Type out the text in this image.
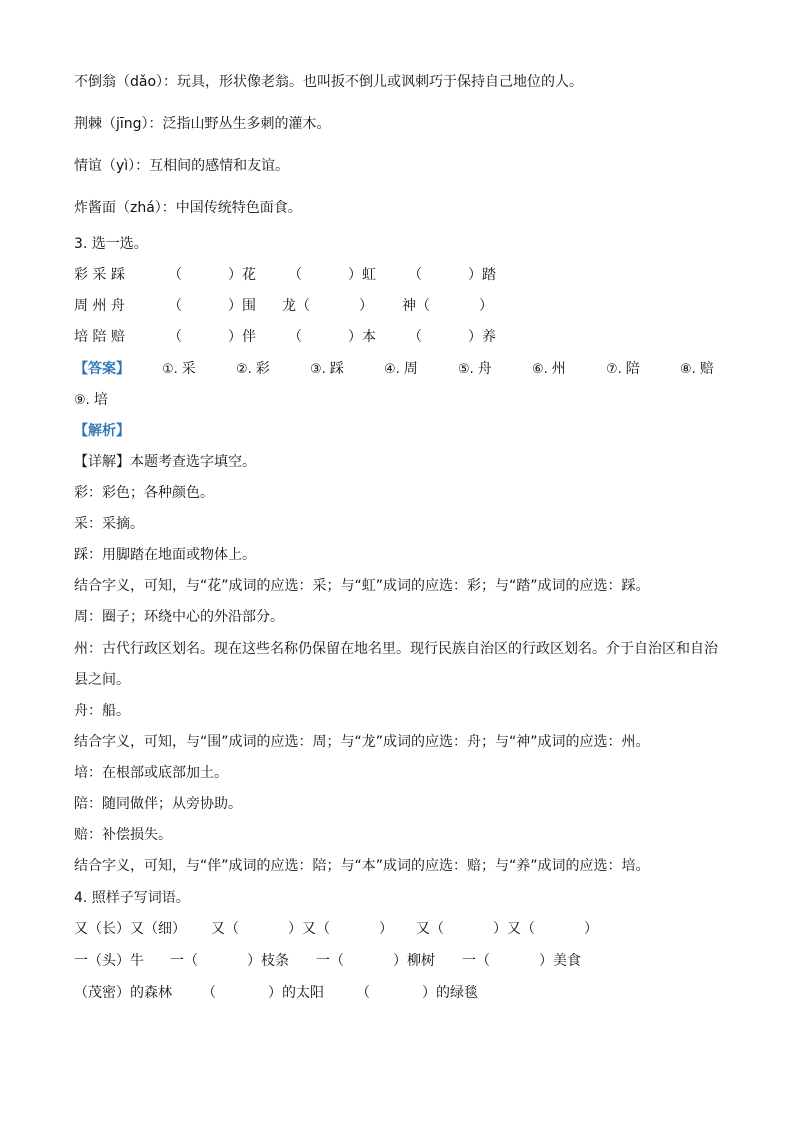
不倒翁（dǎo）：玩具，形状像老翁。也叫扳不倒儿或讽刺巧于保持自己地位的人。
荆棘（jīng）：泛指山野丛生多刺的灌木。
情谊（yì）：互相间的感情和友谊。
炸酱面（zhá）：中国传统特色面食。
3. 选一选。
彩 采 踩	（	）花 （	）虹 （	）踏
周 州 舟	（	）围 龙（	） 神（	）
培 陪 赔	（	）伴 （	）本 （	）养
【答案】 ①. 采	②. 彩	③. 踩	④. 周	⑤. 舟	⑥. 州	⑦. 陪	⑧. 赔
⑨. 培
【解析】
【详解】本题考查选字填空。
彩：彩色；各种颜色。
采：采摘。
踩：用脚踏在地面或物体上。
结合字义，可知，与“花”成词的应选：采；与“虹”成词的应选：彩；与“踏”成词的应选：踩。
周：圈子；环绕中心的外沿部分。
州：古代行政区划名。现在这些名称仍保留在地名里。现行民族自治区的行政区划名。介于自治区和自治
县之间。
舟：船。
结合字义，可知，与“围”成词的应选：周；与“龙”成词的应选：舟；与“神”成词的应选：州。
培：在根部或底部加土。
陪：随同做伴；从旁协助。
赔：补偿损失。
结合字义，可知，与“伴”成词的应选：陪；与“本”成词的应选：赔；与“养”成词的应选：培。
4. 照样子写词语。
又（长）又（细） 又（	）又（	） 又（	）又（	）
一（头）牛 一（	）枝条 一（	）柳树 一（	）美食
（茂密）的森林 （	）的太阳 （	）的绿毯
